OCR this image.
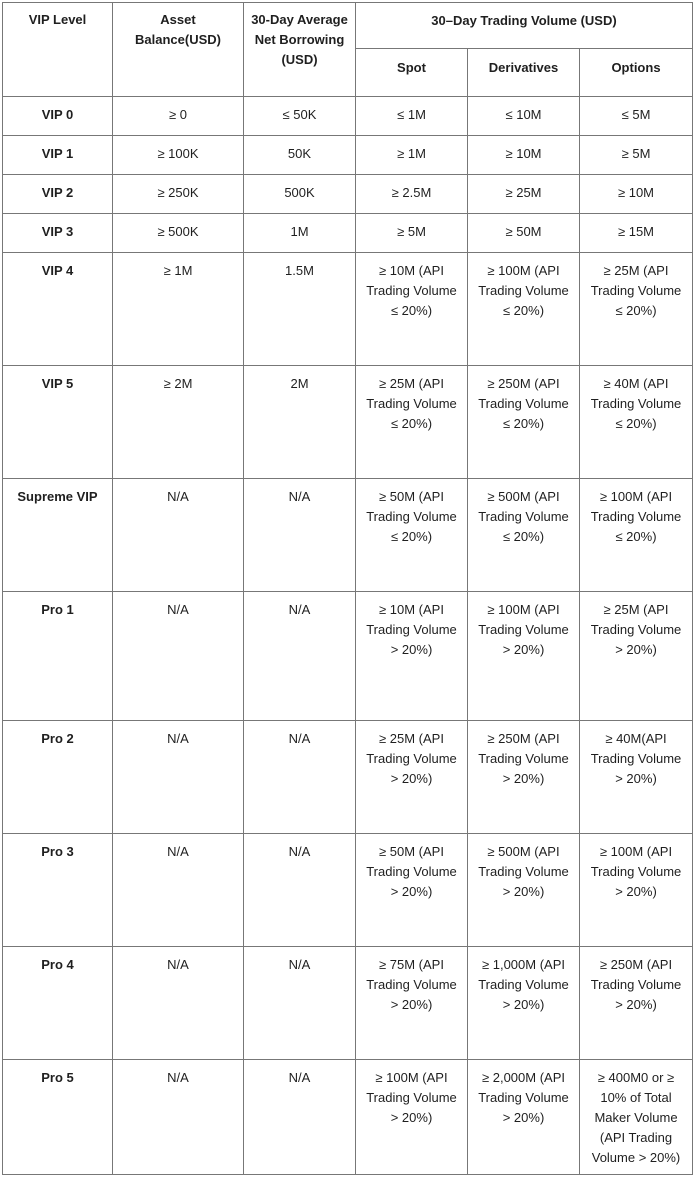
VIP Level	Asset Balance(USD)	30-Day Average Net Borrowing (USD)	30–Day Trading Volume (USD)		
			Spot	Derivatives	Options
VIP 0	≥ 0	≤ 50K	≤ 1M	≤ 10M	≤ 5M
VIP 1	≥ 100K	50K	≥ 1M	≥ 10M	≥ 5M
VIP 2	≥ 250K	500K	≥ 2.5M	≥ 25M	≥ 10M
VIP 3	≥ 500K	1M	≥ 5M	≥ 50M	≥ 15M
VIP 4	≥ 1M	1.5M	≥ 10M (API Trading Volume ≤ 20%)	≥ 100M (API Trading Volume ≤ 20%)	≥ 25M (API Trading Volume ≤ 20%)
VIP 5	≥ 2M	2M	≥ 25M (API Trading Volume ≤ 20%)	≥ 250M (API Trading Volume ≤ 20%)	≥ 40M (API Trading Volume ≤ 20%)
Supreme VIP	N/A	N/A	≥ 50M (API Trading Volume ≤ 20%)	≥ 500M (API Trading Volume ≤ 20%)	≥ 100M (API Trading Volume ≤ 20%)
Pro 1	N/A	N/A	≥ 10M (API Trading Volume > 20%)	≥ 100M (API Trading Volume > 20%)	≥ 25M (API Trading Volume > 20%)
Pro 2	N/A	N/A	≥ 25M (API Trading Volume > 20%)	≥ 250M (API Trading Volume > 20%)	≥ 40M(API Trading Volume > 20%)
Pro 3	N/A	N/A	≥ 50M (API Trading Volume > 20%)	≥ 500M (API Trading Volume > 20%)	≥ 100M (API Trading Volume > 20%)
Pro 4	N/A	N/A	≥ 75M (API Trading Volume > 20%)	≥ 1,000M (API Trading Volume > 20%)	≥ 250M (API Trading Volume > 20%)
Pro 5	N/A	N/A	≥ 100M (API Trading Volume > 20%)	≥ 2,000M (API Trading Volume > 20%)	≥ 400M0 or ≥ 10% of Total Maker Volume (API Trading Volume > 20%)
